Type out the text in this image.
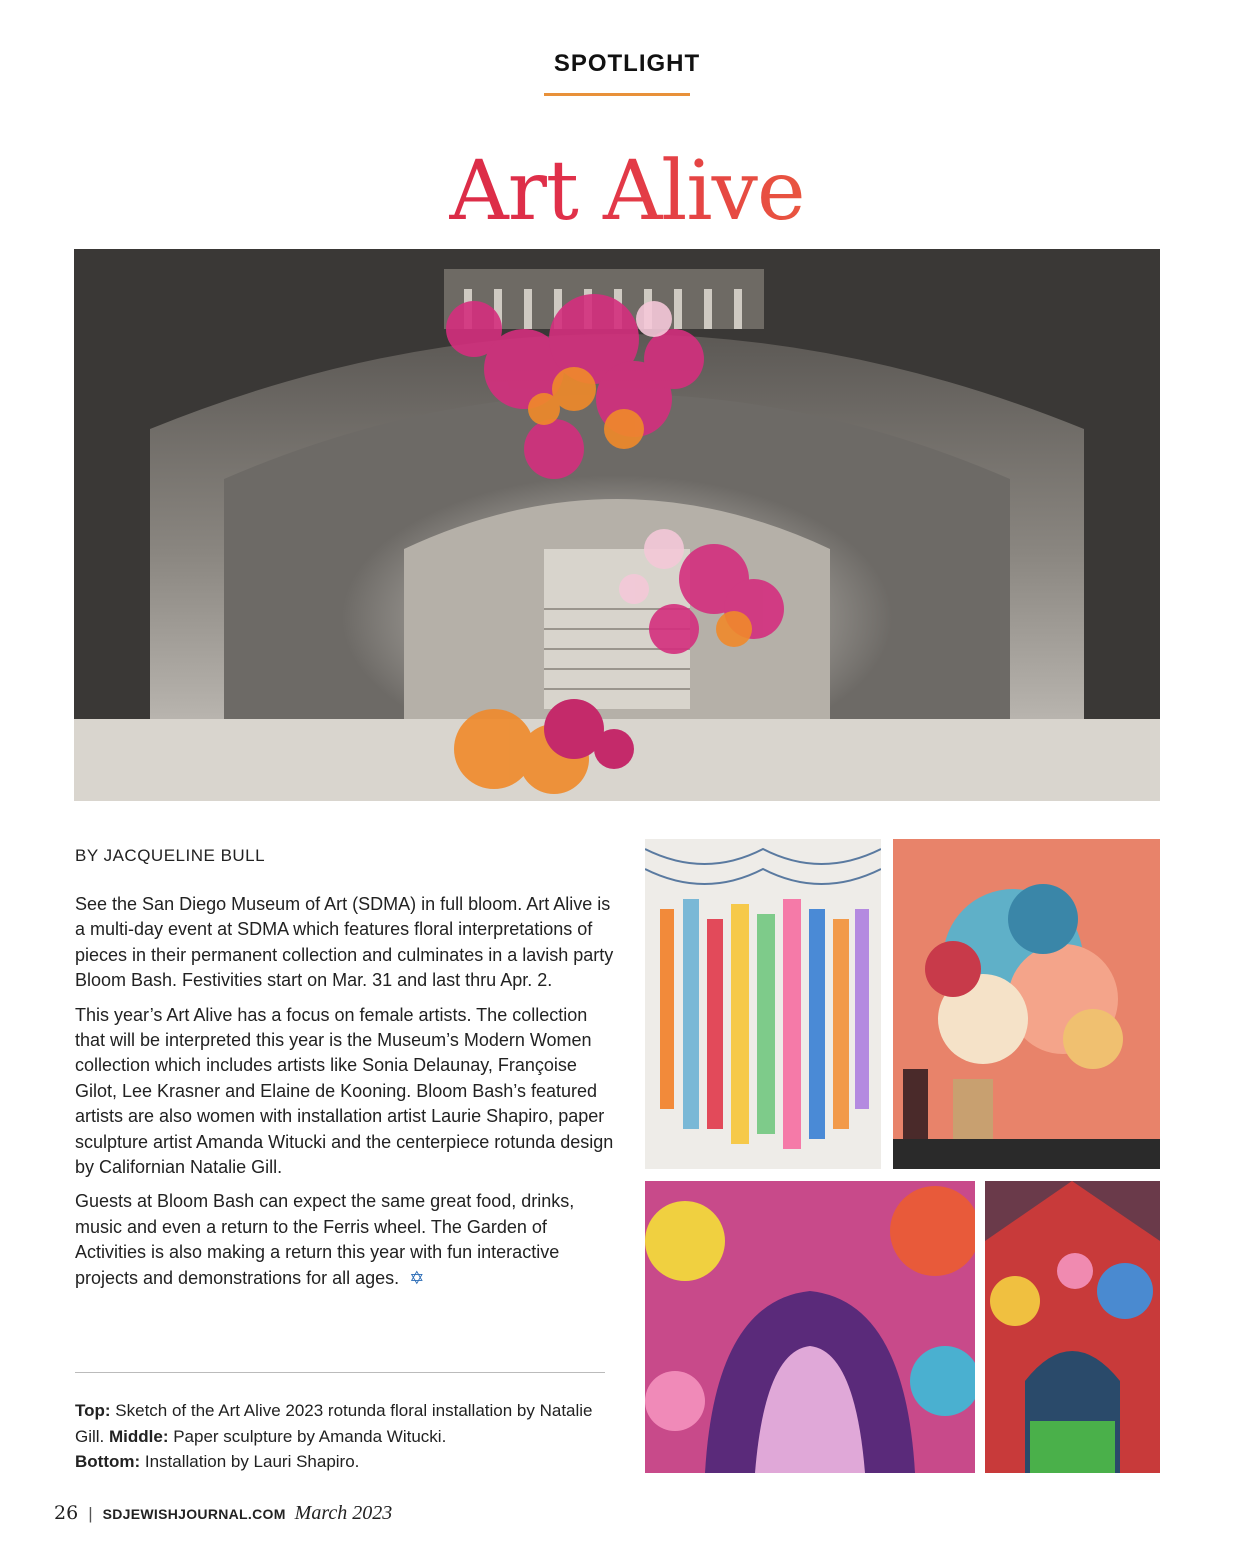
SPOTLIGHT
Art Alive
BY JACQUELINE BULL

See the San Diego Museum of Art (SDMA) in full bloom. Art Alive is a multi-day event at SDMA which features floral interpretations of pieces in their permanent collection and culminates in a lavish party Bloom Bash. Festivities start on Mar. 31 and last thru Apr. 2.

This year’s Art Alive has a focus on female artists. The collection that will be interpreted this year is the Museum’s Modern Women collection which includes artists like Sonia Delaunay, Françoise Gilot, Lee Krasner and Elaine de Kooning. Bloom Bash’s featured artists are also women with installation artist Laurie Shapiro, paper sculpture artist Amanda Witucki and the centerpiece rotunda design by Californian Natalie Gill.

Guests at Bloom Bash can expect the same great food, drinks, music and even a return to the Ferris wheel. The Garden of Activities is also making a return this year with fun interactive projects and demonstrations for all ages. ✡

Top: Sketch of the Art Alive 2023 rotunda floral installation by Natalie Gill. Middle: Paper sculpture by Amanda Witucki.
Bottom: Installation by Lauri Shapiro.
26 | SDJEWISHJOURNAL.COM March 2023
